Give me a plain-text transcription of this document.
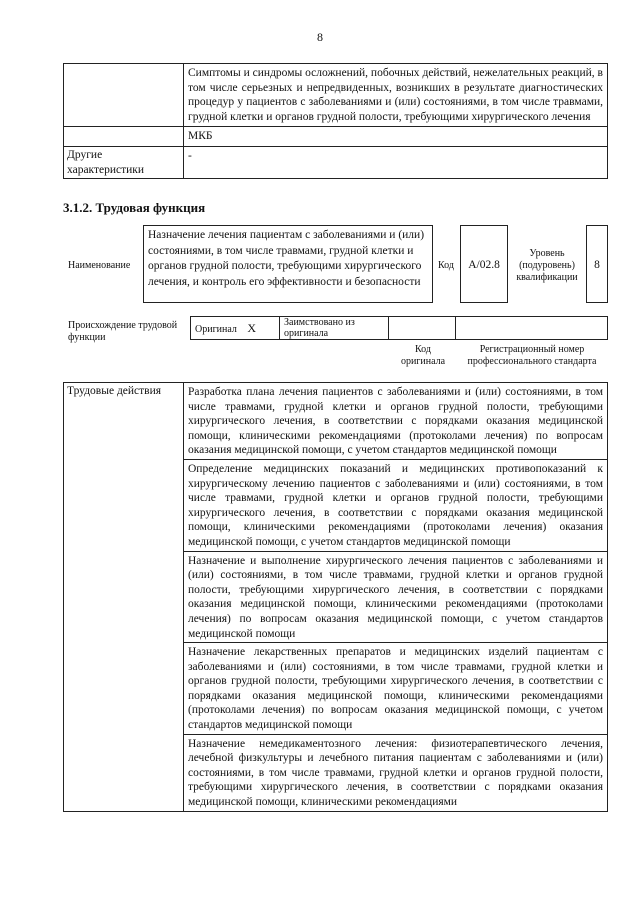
8
	Симптомы и синдромы осложнений, побочных действий, нежелательных реакций, в том числе серьезных и непредвиденных, возникших в результате диагностических процедур у пациентов с заболеваниями и (или) состояниями, в том числе травмами, грудной клетки и органов грудной полости, требующими хирургического лечения
	МКБ
Другие характеристики	-
3.1.2. Трудовая функция
Наименование
Назначение лечения пациентам с заболеваниями и (или) состояниями, в том числе травмами, грудной клетки и органов грудной полости, требующими хирургического лечения, и контроль его эффективности и безопасности
Код	A/02.8
Уровень (подуровень) квалификации
8
Происхождение трудовой функции
Оригинал X	Заимствовано из оригинала		
Код оригинала
Регистрационный номер профессионального стандарта
Трудовые действия	Разработка плана лечения пациентов с заболеваниями и (или) состояниями, в том числе травмами, грудной клетки и органов грудной полости, требующими хирургического лечения, в соответствии с порядками оказания медицинской помощи, клиническими рекомендациями (протоколами лечения) по вопросам оказания медицинской помощи, с учетом стандартов медицинской помощи
Определение медицинских показаний и медицинских противопоказаний к хирургическому лечению пациентов с заболеваниями и (или) состояниями, в том числе травмами, грудной клетки и органов грудной полости, требующими хирургического лечения, в соответствии с порядками оказания медицинской помощи, клиническими рекомендациями (протоколами лечения) оказания медицинской помощи, с учетом стандартов медицинской помощи
Назначение и выполнение хирургического лечения пациентов с заболеваниями и (или) состояниями, в том числе травмами, грудной клетки и органов грудной полости, требующими хирургического лечения, в соответствии с порядками оказания медицинской помощи, клиническими рекомендациями (протоколами лечения) по вопросам оказания медицинской помощи, с учетом стандартов медицинской помощи
Назначение лекарственных препаратов и медицинских изделий пациентам с заболеваниями и (или) состояниями, в том числе травмами, грудной клетки и органов грудной полости, требующими хирургического лечения, в соответствии с порядками оказания медицинской помощи, клиническими рекомендациями (протоколами лечения) по вопросам оказания медицинской помощи, с учетом стандартов медицинской помощи
Назначение немедикаментозного лечения: физиотерапевтического лечения, лечебной физкультуры и лечебного питания пациентам с заболеваниями и (или) состояниями, в том числе травмами, грудной клетки и органов грудной полости, требующими хирургического лечения, в соответствии с порядками оказания медицинской помощи, клиническими рекомендациями
